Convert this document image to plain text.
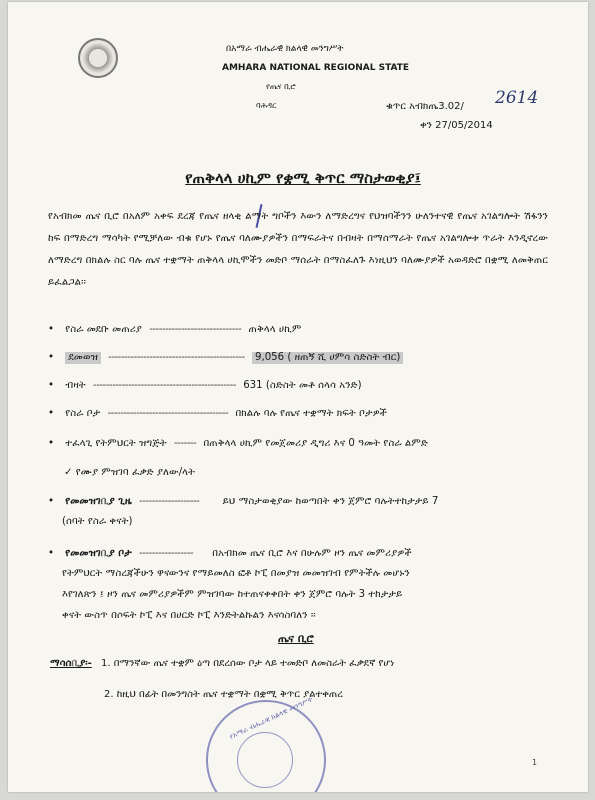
በአማራ ብሔራዊ ክልላዊ መንግሥት
AMHARA NATIONAL REGIONAL STATE
የጤና ቢሮ
ባሕዳር	ቁጥር አብክጤ3.02/ 2614
ቀን 27/05/2014
የጠቅላላ ሀኪም የቋሚ ቅጥር ማስታወቂያ፤
የአብክመ ጤና ቢሮ በአለም አቀፍ ደረጃ የጤና ዘላቂ ልማት ግቦችን እውን ለማድረግና የህዝባችንን ሁለንተናዊ የጤና አገልግሎት ሽፋንን ከፍ በማድረግ ማሳካት የሚቻለው ብቁ የሆኑ የጤና ባለሙያዎችን በማፍራትና በብዛት በማሰማራት የጤና አገልግሎቱ ጥራት እንዲኖረው ለማድረግ በክልሉ ስር ባሉ ጤና ተቋማት ጠቅላላ ሀኪሞችን መድቦ ማሰራት በማስፈለጉ እነዚህን ባለሙያዎች አወዳድሮ በቋሚ ለመቅጠር ይፈልጋል፡፡
• የስራ መደቡ መጠሪያ ----------------------------- ጠቅላላ ሀኪም
• ደመወዝ ------------------------------------------- 9,056 ( ዘጠኝ ሺ ሀምሳ ስድስት ብር)
• ብዛት --------------------------------------------- 631 (ስድስት መቶ ሰላሳ አንድ)
• የስራ ቦታ -------------------------------------- በክልሉ ባሉ የጤና ተቋማት ክፍት ቦታዎች
• ተፈላጊ የትምህርት ዝግጅት ------- በጠቅላላ ሀኪም የመጀመሪያ ዲግሪ እና 0 ዓመት የስራ ልምድ
✓ የሙያ ምዝገባ ፈቃድ ያለው/ላት
• የመመዝገቢያ ጊዜ ------------------- ይህ ማስታወቂያው ከወጣበት ቀን ጀምሮ ባሉትተከታታይ 7
(ሰባት የስራ ቀናት)
• የመመዝገቢያ ቦታ ----------------- በአብክመ ጤና ቢሮ እና በሁሉም ዞን ጤና መምሪያዎች
የትምህርት ማስረጃችሁን ዋናውንና የማይመለስ ፎቶ ኮፒ በመያዝ መመዝገብ የምትችሉ መሆኑን
እየገለጽን ፤ ዞን ጤና መምሪያዎችም ምዝገባው ከተጠናቀቀበት ቀን ጀምሮ ባሉት 3 ተከታታይ
ቀናት ውስጥ በሶፍት ኮፒ እና በሀርድ ኮፒ እንድትልኩልን እናሳስባለን ፡፡
ጤና ቢሮ
ማሳሰቢያ፡- 1. በማንኛው ጤና ተቋም ዕጣ በደረሰው ቦታ ላይ ተመድቦ ለመስራት ፈቃደኛ የሆነ
2. ከዚህ በፊት በመንግስት ጤና ተቋማት በቋሚ ቅጥር ያልተቀጠረ
የአማራ ብሔራዊ ክልላዊ መንግሥት
1
